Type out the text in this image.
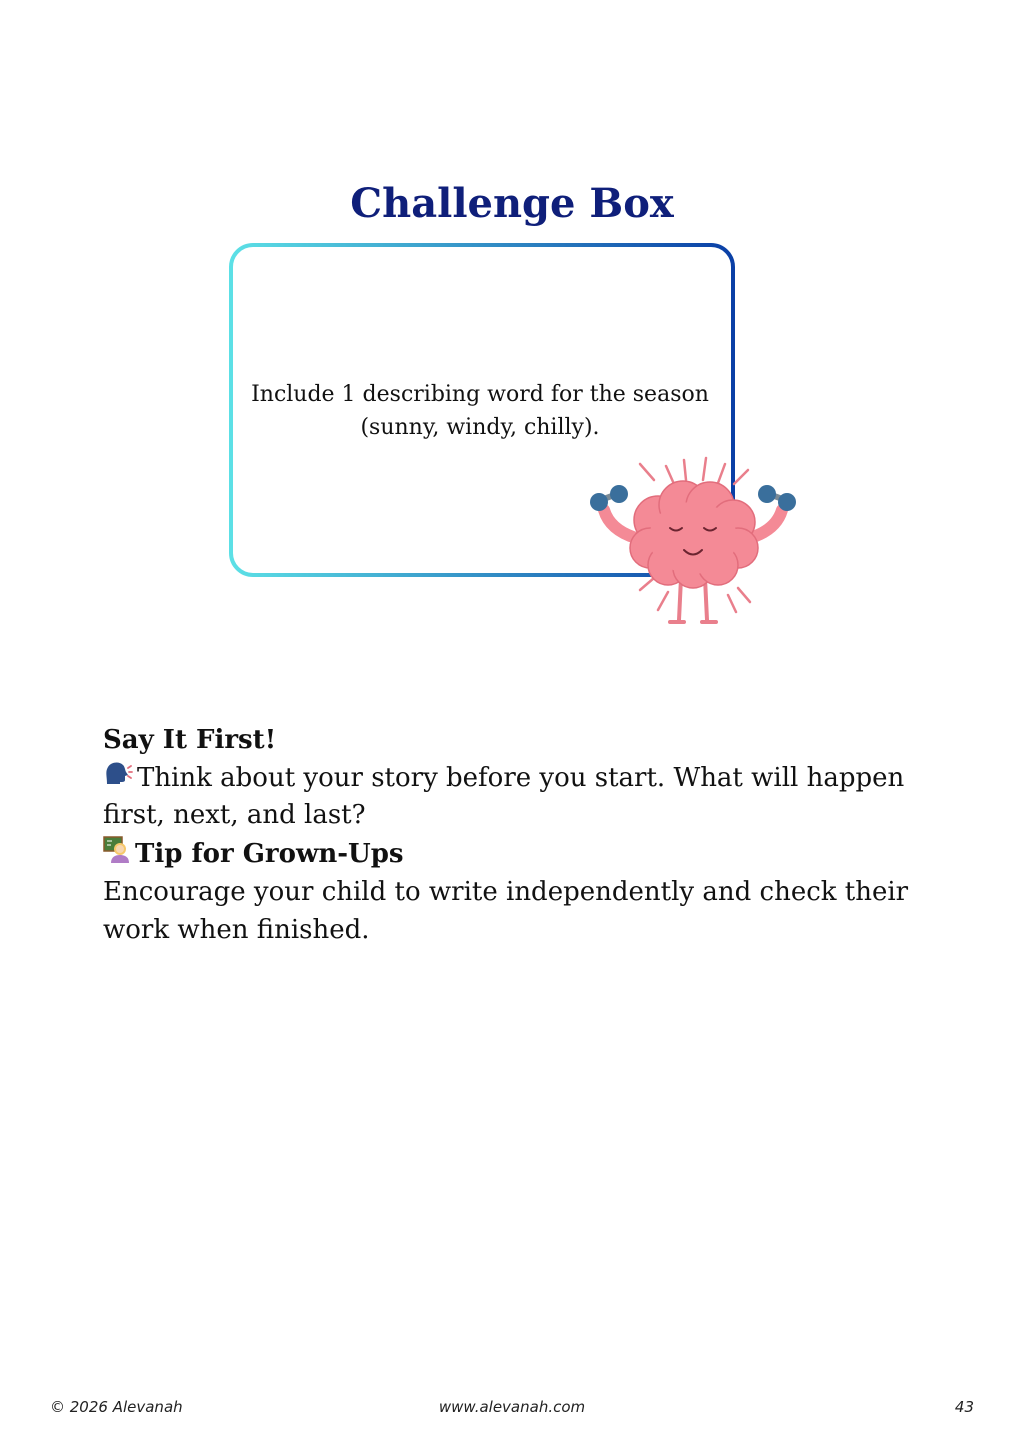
Challenge Box
Include 1 describing word for the season
(sunny, windy, chilly).

Say It First!

Think about your story before you start. What will happen

first, next, and last?

Tip for Grown-Ups

Encourage your child to write independently and check their

work when finished.

© 2026 Alevanah	www.alevanah.com	43
